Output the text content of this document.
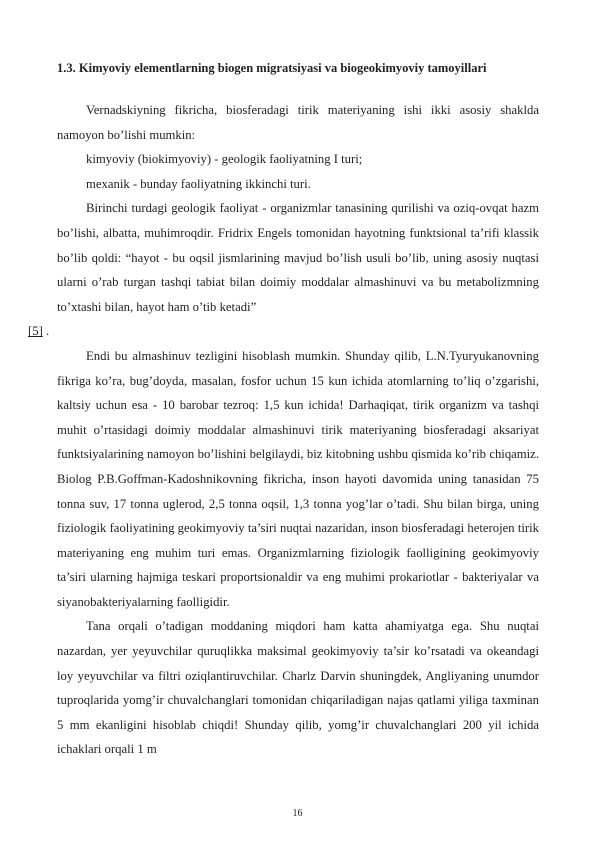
1.3. Kimyoviy elementlarning biogen migratsiyasi va biogeokimyoviy tamoyillari

Vernadskiyning fikricha, biosferadagi tirik materiyaning ishi ikki asosiy shaklda namoyon bo’lishi mumkin:

kimyoviy (biokimyoviy) - geologik faoliyatning I turi;

mexanik - bunday faoliyatning ikkinchi turi.

Birinchi turdagi geologik faoliyat - organizmlar tanasining qurilishi va oziq-ovqat hazm bo’lishi, albatta, muhimroqdir. Fridrix Engels tomonidan hayotning funktsional ta’rifi klassik bo’lib qoldi: “hayot - bu oqsil jismlarining mavjud bo’lish usuli bo’lib, uning asosiy nuqtasi ularni o’rab turgan tashqi tabiat bilan doimiy moddalar almashinuvi va bu metabolizmning to’xtashi bilan, hayot ham o’tib ketadi”
[5] .

Endi bu almashinuv tezligini hisoblash mumkin. Shunday qilib, L.N.Tyuryukanovning fikriga ko’ra, bug’doyda, masalan, fosfor uchun 15 kun ichida atomlarning to’liq o’zgarishi, kaltsiy uchun esa - 10 barobar tezroq: 1,5 kun ichida! Darhaqiqat, tirik organizm va tashqi muhit o’rtasidagi doimiy moddalar almashinuvi tirik materiyaning biosferadagi aksariyat funktsiyalarining namoyon bo’lishini belgilaydi, biz kitobning ushbu qismida ko’rib chiqamiz. Biolog P.B.Goffman-Kadoshnikovning fikricha, inson hayoti davomida uning tanasidan 75 tonna suv, 17 tonna uglerod, 2,5 tonna oqsil, 1,3 tonna yog’lar o’tadi. Shu bilan birga, uning fiziologik faoliyatining geokimyoviy ta’siri nuqtai nazaridan, inson biosferadagi heterojen tirik materiyaning eng muhim turi emas. Organizmlarning fiziologik faolligining geokimyoviy ta’siri ularning hajmiga teskari proportsionaldir va eng muhimi prokariotlar - bakteriyalar va siyanobakteriyalarning faolligidir.

Tana orqali o’tadigan moddaning miqdori ham katta ahamiyatga ega. Shu nuqtai nazardan, yer yeyuvchilar quruqlikka maksimal geokimyoviy ta’sir ko’rsatadi va okeandagi loy yeyuvchilar va filtri oziqlantiruvchilar. Charlz Darvin shuningdek, Angliyaning unumdor tuproqlarida yomg’ir chuvalchanglari tomonidan chiqariladigan najas qatlami yiliga taxminan 5 mm ekanligini hisoblab chiqdi! Shunday qilib, yomg’ir chuvalchanglari 200 yil ichida ichaklari orqali 1 m

16
